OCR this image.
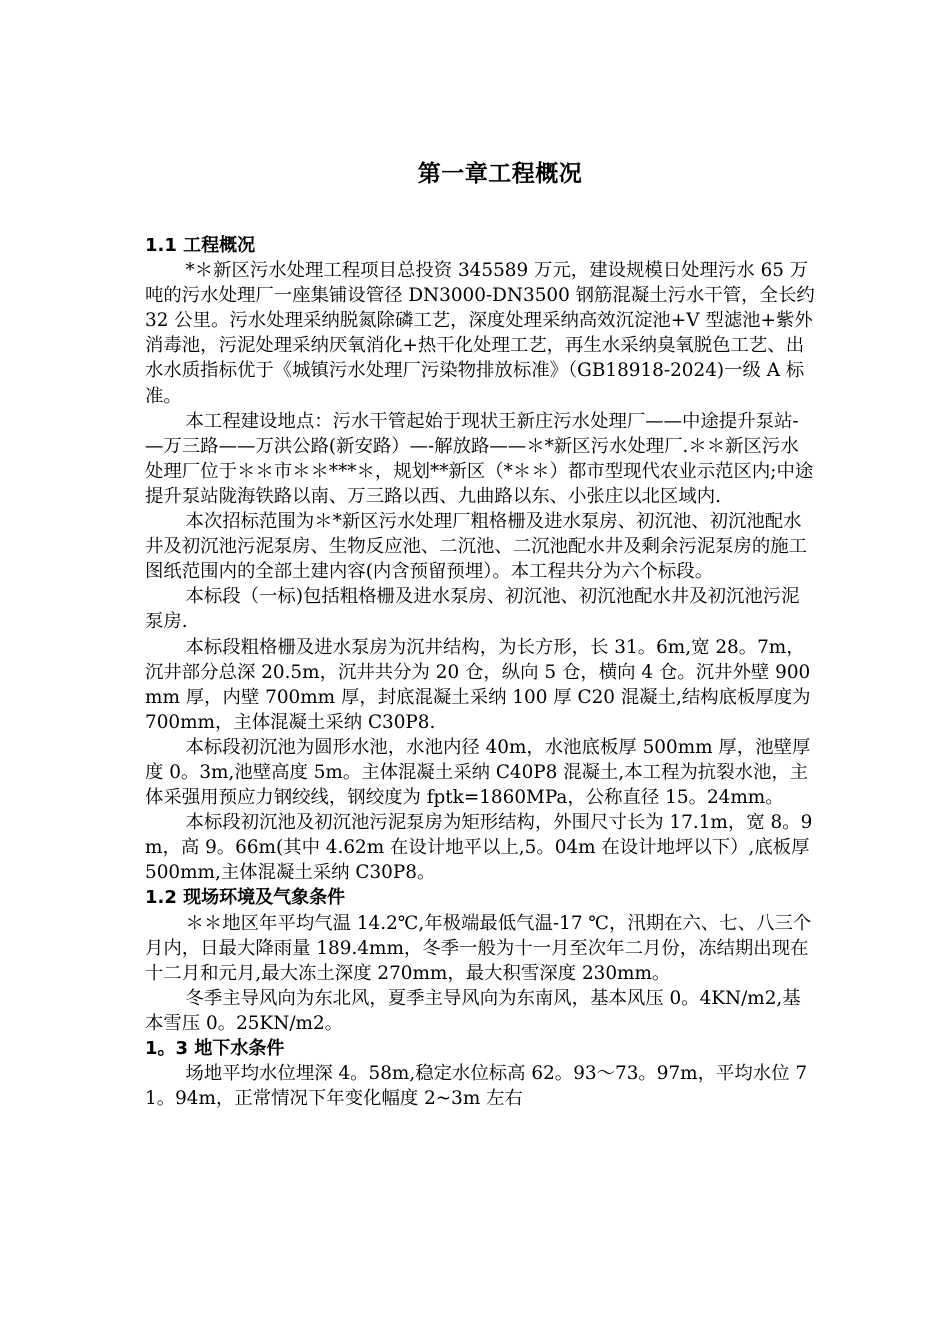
第一章工程概况

1.1 工程概况

*＊新区污水处理工程项目总投资 345589 万元，建设规模日处理污水 65 万吨的污水处理厂一座集铺设管径 DN3000-DN3500 钢筋混凝土污水干管，全长约 32 公里。污水处理采纳脱氮除磷工艺，深度处理采纳高效沉淀池+V 型滤池+紫外消毒池，污泥处理采纳厌氧消化+热干化处理工艺，再生水采纳臭氧脱色工艺、出水水质指标优于《城镇污水处理厂污染物排放标准》（GB18918-2024)一级 A 标准。

本工程建设地点：污水干管起始于现状王新庄污水处理厂——中途提升泵站-—万三路——万洪公路(新安路）—-解放路——＊*新区污水处理厂.＊＊新区污水处理厂位于＊＊市＊＊***＊，规划**新区（*＊＊）都市型现代农业示范区内;中途提升泵站陇海铁路以南、万三路以西、九曲路以东、小张庄以北区域内.

本次招标范围为＊*新区污水处理厂粗格栅及进水泵房、初沉池、初沉池配水井及初沉池污泥泵房、生物反应池、二沉池、二沉池配水井及剩余污泥泵房的施工图纸范围内的全部土建内容(内含预留预埋）。本工程共分为六个标段。

本标段（一标)包括粗格栅及进水泵房、初沉池、初沉池配水井及初沉池污泥泵房.

本标段粗格栅及进水泵房为沉井结构，为长方形，长 31。6m,宽 28。7m，沉井部分总深 20.5m，沉井共分为 20 仓，纵向 5 仓，横向 4 仓。沉井外壁 900mm 厚，内壁 700mm 厚，封底混凝土采纳 100 厚 C20 混凝土,结构底板厚度为 700mm，主体混凝土采纳 C30P8.

本标段初沉池为圆形水池，水池内径 40m，水池底板厚 500mm 厚，池壁厚度 0。3m,池壁高度 5m。主体混凝土采纳 C40P8 混凝土,本工程为抗裂水池，主体采强用预应力钢绞线，钢绞度为 fptk=1860MPa，公称直径 15。24mm。

本标段初沉池及初沉池污泥泵房为矩形结构，外围尺寸长为 17.1m，宽 8。9m，高 9。66m(其中 4.62m 在设计地平以上,5。04m 在设计地坪以下）,底板厚 500mm,主体混凝土采纳 C30P8。

1.2 现场环境及气象条件

＊＊地区年平均气温 14.2℃,年极端最低气温-17 ℃，汛期在六、七、八三个月内，日最大降雨量 189.4mm，冬季一般为十一月至次年二月份，冻结期出现在十二月和元月,最大冻土深度 270mm，最大积雪深度 230mm。

冬季主导风向为东北风，夏季主导风向为东南风，基本风压 0。4KN/m2,基本雪压 0。25KN/m2。

1。3 地下水条件

场地平均水位埋深 4。58m,稳定水位标高 62。93～73。97m，平均水位 71。94m，正常情况下年变化幅度 2~3m 左右
